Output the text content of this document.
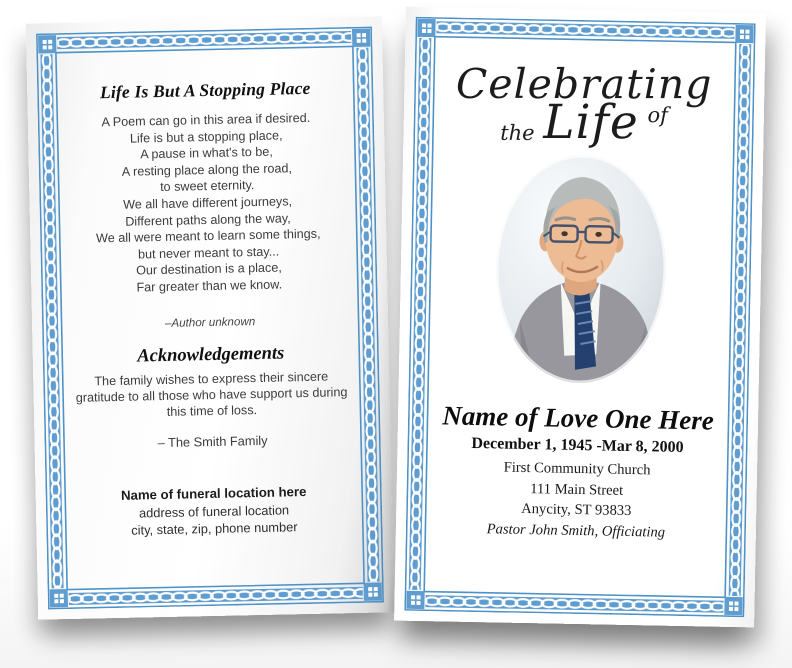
Life Is But A Stopping Place
A Poem can go in this area if desired.
Life is but a stopping place,
A pause in what's to be,
A resting place along the road,
to sweet eternity.
We all have different journeys,
Different paths along the way,
We all were meant to learn some things,
but never meant to stay...
Our destination is a place,
Far greater than we know.
–Author unknown
Acknowledgements
The family wishes to express their sincere gratitude to all those who have support us during this time of loss.
– The Smith Family
Name of funeral location here
address of funeral location
city, state, zip, phone number
Celebrating
the Life of
Name of Love One Here
December 1, 1945 -Mar 8, 2000
First Community Church
111 Main Street
Anycity, ST 93833
Pastor John Smith, Officiating
